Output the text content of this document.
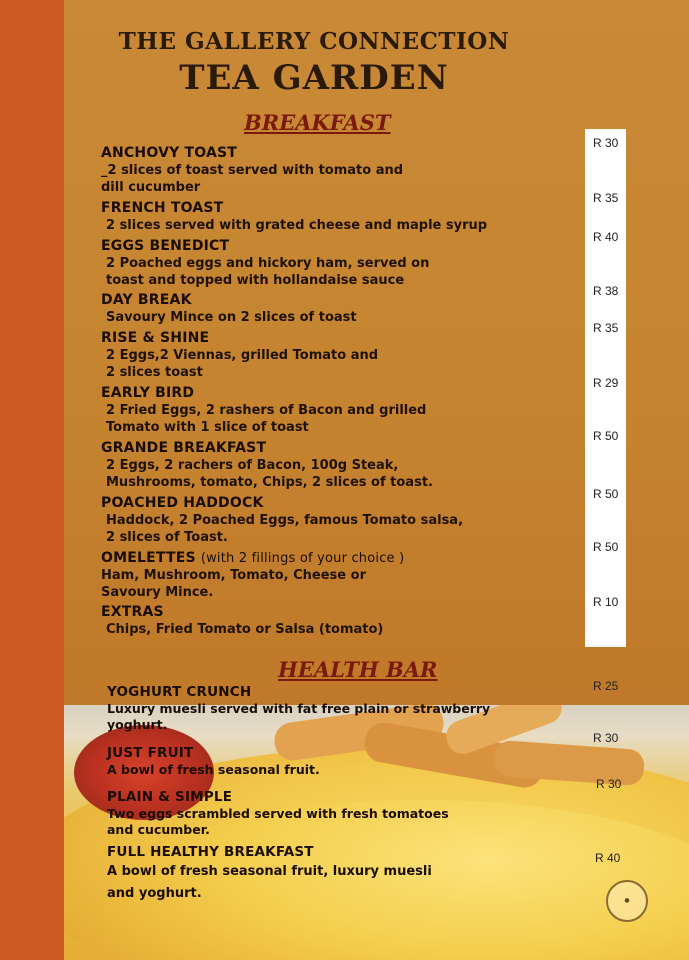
●
THE GALLERY CONNECTION
TEA GARDEN
BREAKFAST

ANCHOVY TOAST

_2 slices of toast served with tomato and
dill cucumber

FRENCH TOAST

2 slices served with grated cheese and maple syrup

EGGS BENEDICT

2 Poached eggs and hickory ham, served on
toast and topped with hollandaise sauce

DAY BREAK

Savoury Mince on 2 slices of toast

RISE & SHINE

2 Eggs,2 Viennas, grilled Tomato and
2 slices toast

EARLY BIRD

2 Fried Eggs, 2 rashers of Bacon and grilled
Tomato with 1 slice of toast

GRANDE BREAKFAST

2 Eggs, 2 rachers of Bacon, 100g Steak,
Mushrooms, tomato, Chips, 2 slices of toast.

POACHED HADDOCK

Haddock, 2 Poached Eggs, famous Tomato salsa,
2 slices of Toast.

OMELETTES (with 2 fillings of your choice )

Ham, Mushroom, Tomato, Cheese or
Savoury Mince.

EXTRAS

Chips, Fried Tomato or Salsa (tomato)

R 30

R 35

R 40

R 38

R 35

R 29

R 50

R 50

R 50

R 10

HEALTH BAR

YOGHURT CRUNCH

Luxury muesli served with fat free plain or strawberry
yoghurt.

JUST FRUIT

A bowl of fresh seasonal fruit.

PLAIN & SIMPLE

Two eggs scrambled served with fresh tomatoes
and cucumber.

FULL HEALTHY BREAKFAST

A bowl of fresh seasonal fruit, luxury muesli
and yoghurt.

R 25

R 30

R 30

R 40
